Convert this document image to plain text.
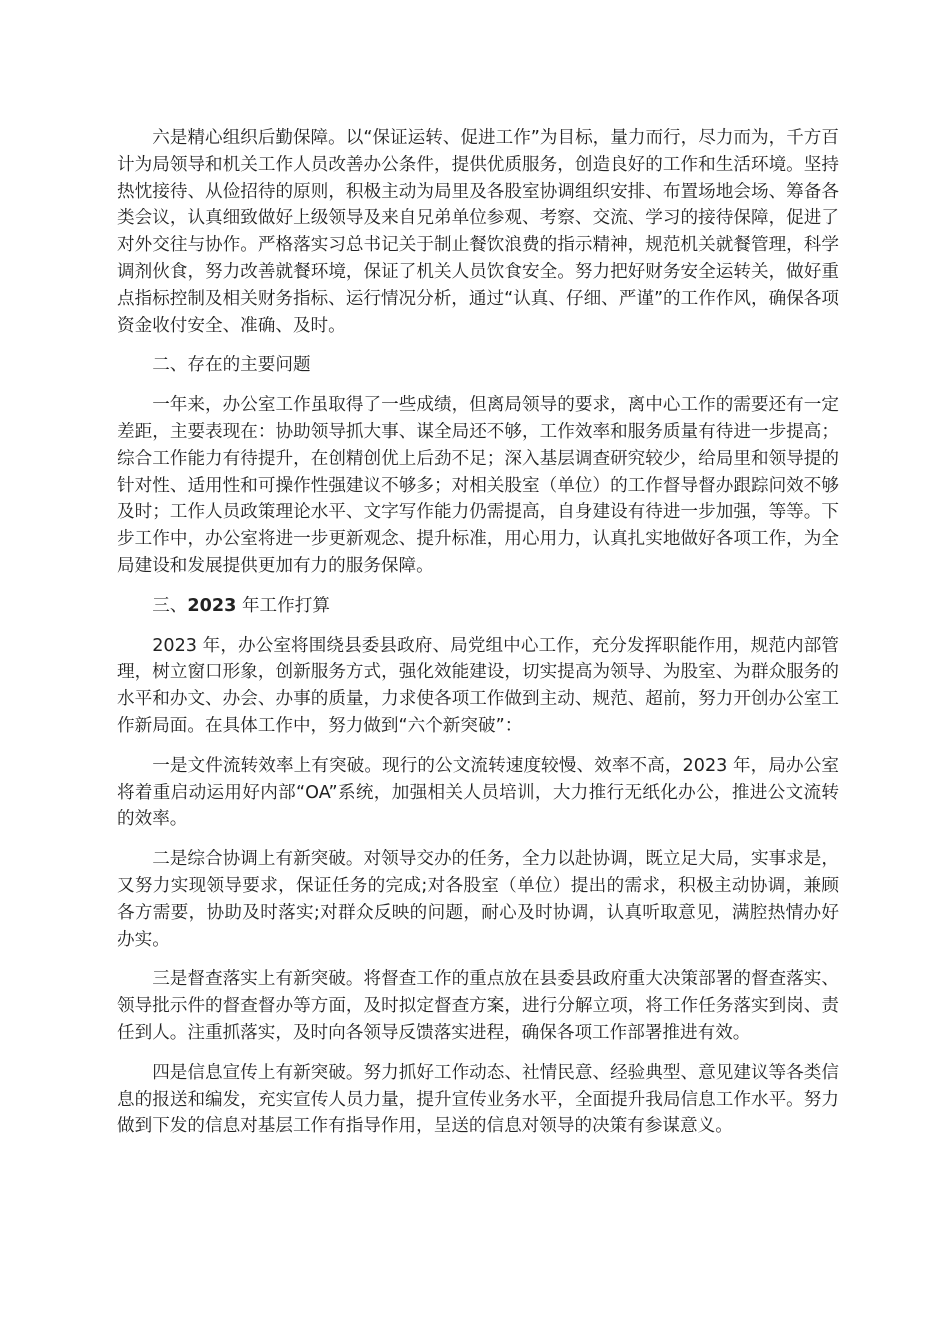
六是精心组织后勤保障。以“保证运转、促进工作”为目标，量力而行，尽力而为，千方百计为局领导和机关工作人员改善办公条件，提供优质服务，创造良好的工作和生活环境。坚持热忱接待、从俭招待的原则，积极主动为局里及各股室协调组织安排、布置场地会场、筹备各类会议，认真细致做好上级领导及来自兄弟单位参观、考察、交流、学习的接待保障，促进了对外交往与协作。严格落实习总书记关于制止餐饮浪费的指示精神，规范机关就餐管理，科学调剂伙食，努力改善就餐环境，保证了机关人员饮食安全。努力把好财务安全运转关，做好重点指标控制及相关财务指标、运行情况分析，通过“认真、仔细、严谨”的工作作风，确保各项资金收付安全、准确、及时。

二、存在的主要问题

一年来，办公室工作虽取得了一些成绩，但离局领导的要求，离中心工作的需要还有一定差距，主要表现在：协助领导抓大事、谋全局还不够，工作效率和服务质量有待进一步提高；综合工作能力有待提升，在创精创优上后劲不足；深入基层调查研究较少，给局里和领导提的针对性、适用性和可操作性强建议不够多；对相关股室（单位）的工作督导督办跟踪问效不够及时；工作人员政策理论水平、文字写作能力仍需提高，自身建设有待进一步加强，等等。下步工作中，办公室将进一步更新观念、提升标准，用心用力，认真扎实地做好各项工作，为全局建设和发展提供更加有力的服务保障。

三、2023 年工作打算

2023 年，办公室将围绕县委县政府、局党组中心工作，充分发挥职能作用，规范内部管理，树立窗口形象，创新服务方式，强化效能建设，切实提高为领导、为股室、为群众服务的水平和办文、办会、办事的质量，力求使各项工作做到主动、规范、超前，努力开创办公室工作新局面。在具体工作中，努力做到“六个新突破”：

一是文件流转效率上有突破。现行的公文流转速度较慢、效率不高，2023 年，局办公室将着重启动运用好内部“OA”系统，加强相关人员培训，大力推行无纸化办公，推进公文流转的效率。

二是综合协调上有新突破。对领导交办的任务，全力以赴协调，既立足大局，实事求是，又努力实现领导要求，保证任务的完成;对各股室（单位）提出的需求，积极主动协调，兼顾各方需要，协助及时落实;对群众反映的问题，耐心及时协调，认真听取意见，满腔热情办好办实。

三是督查落实上有新突破。将督查工作的重点放在县委县政府重大决策部署的督查落实、领导批示件的督查督办等方面，及时拟定督查方案，进行分解立项，将工作任务落实到岗、责任到人。注重抓落实，及时向各领导反馈落实进程，确保各项工作部署推进有效。

四是信息宣传上有新突破。努力抓好工作动态、社情民意、经验典型、意见建议等各类信息的报送和编发，充实宣传人员力量，提升宣传业务水平，全面提升我局信息工作水平。努力做到下发的信息对基层工作有指导作用，呈送的信息对领导的决策有参谋意义。
